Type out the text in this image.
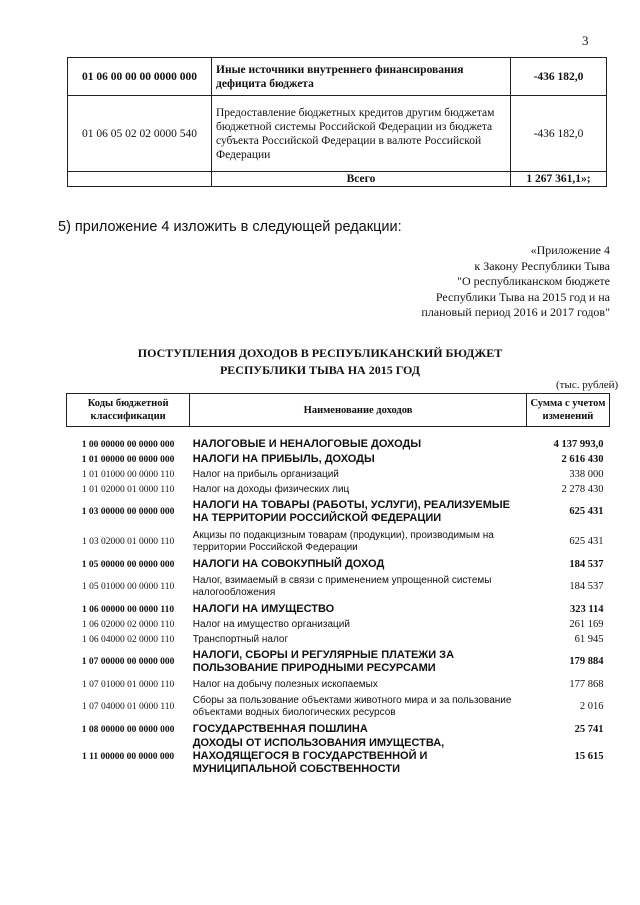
3
01 06 00 00 00 0000 000	Иные источники внутреннего финансирования дефицита бюджета	-436 182,0
01 06 05 02 02 0000 540	Предоставление бюджетных кредитов другим бюджетам бюджетной системы Российской Федерации из бюджета субъекта Российской Федерации в валюте Российской Федерации	-436 182,0
	Всего	1 267 361,1»;
5) приложение 4 изложить в следующей редакции:
«Приложение 4
к Закону Республики Тыва
"О республиканском бюджете
Республики Тыва на 2015 год и на
плановый период 2016 и 2017 годов"
ПОСТУПЛЕНИЯ ДОХОДОВ В РЕСПУБЛИКАНСКИЙ БЮДЖЕТ
РЕСПУБЛИКИ ТЫВА НА 2015 ГОД
(тыс. рублей)
Коды бюджетной классификации	Наименование доходов	Сумма с учетом изменений

1 00 00000 00 0000 000	НАЛОГОВЫЕ И НЕНАЛОГОВЫЕ ДОХОДЫ	4 137 993,0
1 01 00000 00 0000 000	НАЛОГИ НА ПРИБЫЛЬ, ДОХОДЫ	2 616 430
1 01 01000 00 0000 110	Налог на прибыль организаций	338 000
1 01 02000 01 0000 110	Налог на доходы физических лиц	2 278 430
1 03 00000 00 0000 000	НАЛОГИ НА ТОВАРЫ (РАБОТЫ, УСЛУГИ), РЕАЛИЗУЕМЫЕ НА ТЕРРИТОРИИ РОССИЙСКОЙ ФЕДЕРАЦИИ	625 431
1 03 02000 01 0000 110	Акцизы по подакцизным товарам (продукции), производимым на территории Российской Федерации	625 431
1 05 00000 00 0000 000	НАЛОГИ НА СОВОКУПНЫЙ ДОХОД	184 537
1 05 01000 00 0000 110	Налог, взимаемый в связи с применением упрощенной системы налогообложения	184 537
1 06 00000 00 0000 110	НАЛОГИ НА ИМУЩЕСТВО	323 114
1 06 02000 02 0000 110	Налог на имущество организаций	261 169
1 06 04000 02 0000 110	Транспортный налог	61 945
1 07 00000 00 0000 000	НАЛОГИ, СБОРЫ И РЕГУЛЯРНЫЕ ПЛАТЕЖИ ЗА ПОЛЬЗОВАНИЕ ПРИРОДНЫМИ РЕСУРСАМИ	179 884
1 07 01000 01 0000 110	Налог на добычу полезных ископаемых	177 868
1 07 04000 01 0000 110	Сборы за пользование объектами животного мира и за пользование объектами водных биологических ресурсов	2 016
1 08 00000 00 0000 000	ГОСУДАРСТВЕННАЯ ПОШЛИНА	25 741
1 11 00000 00 0000 000	ДОХОДЫ ОТ ИСПОЛЬЗОВАНИЯ ИМУЩЕСТВА, НАХОДЯЩЕГОСЯ В ГОСУДАРСТВЕННОЙ И МУНИЦИПАЛЬНОЙ СОБСТВЕННОСТИ	15 615
